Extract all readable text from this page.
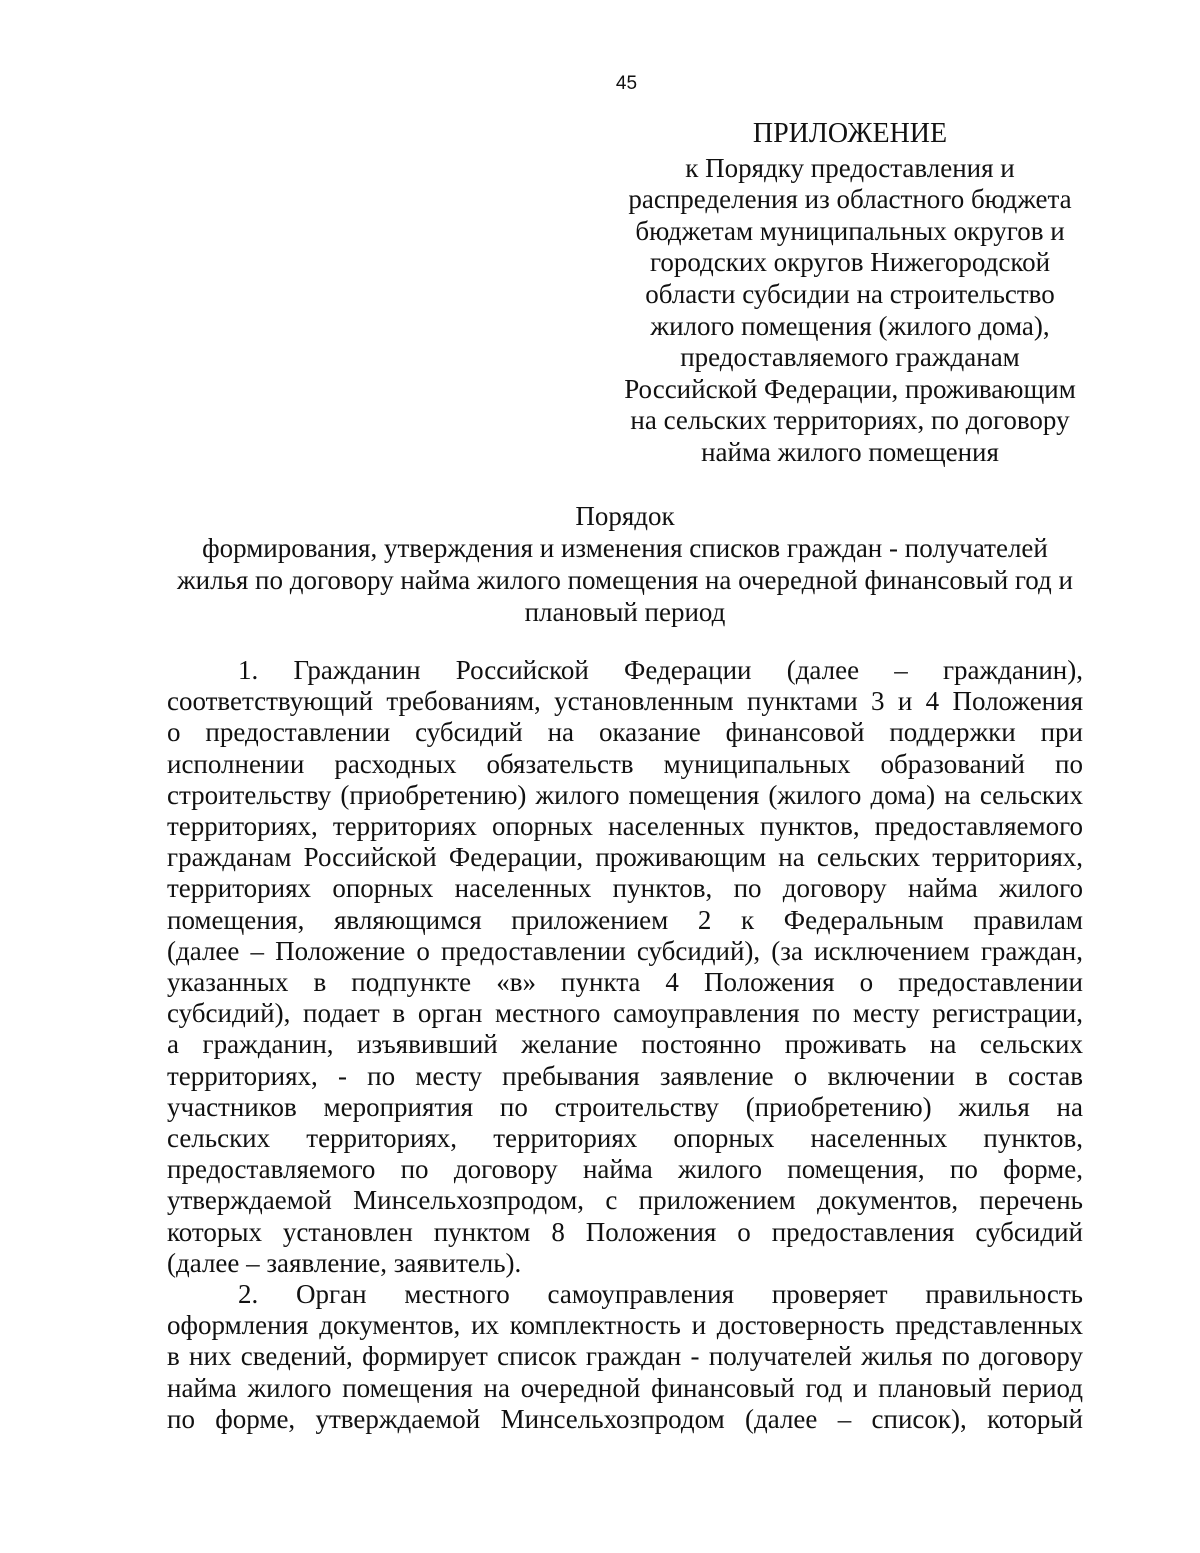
45
ПРИЛОЖЕНИЕ
к Порядку предоставления и
распределения из областного бюджета
бюджетам муниципальных округов и
городских округов Нижегородской
области субсидии на строительство
жилого помещения (жилого дома),
предоставляемого гражданам
Российской Федерации, проживающим
на сельских территориях, по договору
найма жилого помещения
Порядок
формирования, утверждения и изменения списков граждан - получателей
жилья по договору найма жилого помещения на очередной финансовый год и
плановый период

1. Гражданин Российской Федерации (далее – гражданин),
соответствующий требованиям, установленным пунктами 3 и 4 Положения
о предоставлении субсидий на оказание финансовой поддержки при
исполнении расходных обязательств муниципальных образований по
строительству (приобретению) жилого помещения (жилого дома) на сельских
территориях, территориях опорных населенных пунктов, предоставляемого
гражданам Российской Федерации, проживающим на сельских территориях,
территориях опорных населенных пунктов, по договору найма жилого
помещения, являющимся приложением 2 к Федеральным правилам
(далее – Положение о предоставлении субсидий), (за исключением граждан,
указанных в подпункте «в» пункта 4 Положения о предоставлении
субсидий), подает в орган местного самоуправления по месту регистрации,
а гражданин, изъявивший желание постоянно проживать на сельских
территориях, - по месту пребывания заявление о включении в состав
участников мероприятия по строительству (приобретению) жилья на
сельских территориях, территориях опорных населенных пунктов,
предоставляемого по договору найма жилого помещения, по форме,
утверждаемой Минсельхозпродом, с приложением документов, перечень
которых установлен пунктом 8 Положения о предоставления субсидий
(далее – заявление, заявитель).

2. Орган местного самоуправления проверяет правильность
оформления документов, их комплектность и достоверность представленных
в них сведений, формирует список граждан - получателей жилья по договору
найма жилого помещения на очередной финансовый год и плановый период
по форме, утверждаемой Минсельхозпродом (далее – список), который
